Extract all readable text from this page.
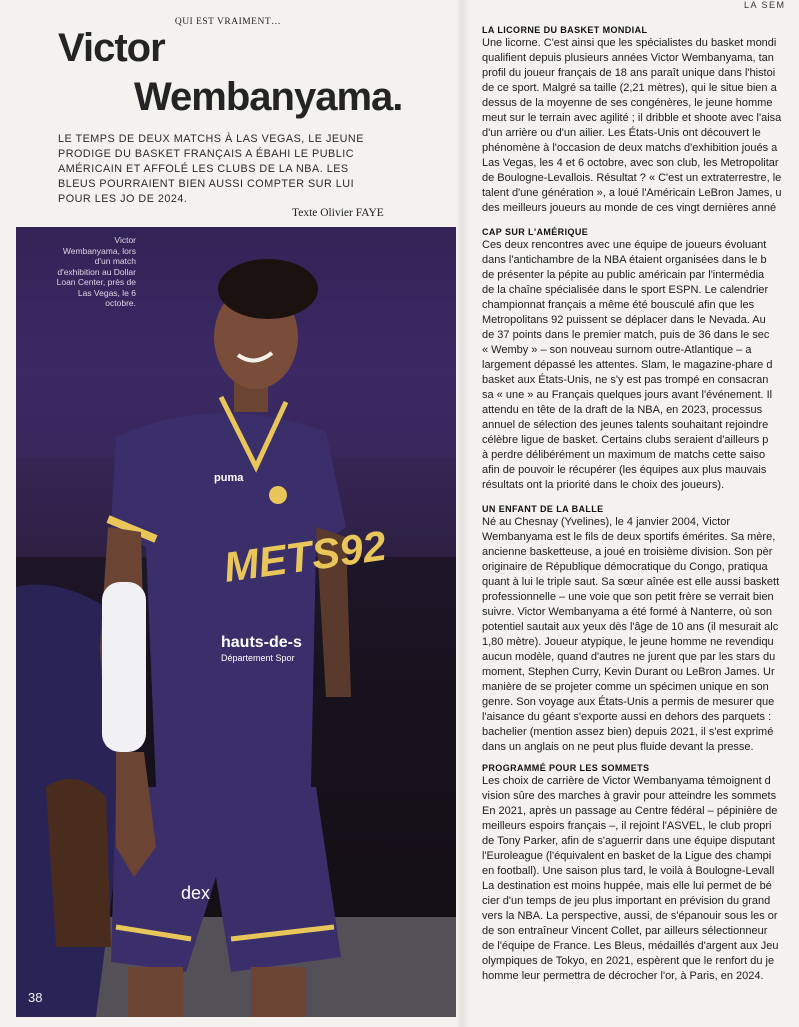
QUI EST VRAIMENT…
Victor
Wembanyama.
LE TEMPS DE DEUX MATCHS À LAS VEGAS, LE JEUNE PRODIGE DU BASKET FRANÇAIS A ÉBAHI LE PUBLIC AMÉRICAIN ET AFFOLÉ LES CLUBS DE LA NBA. LES BLEUS POURRAIENT BIEN AUSSI COMPTER SUR LUI POUR LES JO DE 2024.
Texte Olivier FAYE
puma
METS92
hauts-de-s
Département Spor
dex
Victor Wembanyama, lors d'un match d'exhibition au Dollar Loan Center, près de Las Vegas, le 6 octobre.
38
LA SEM
LA LICORNE DU BASKET MONDIAL
Une licorne. C'est ainsi que les spécialistes du basket mondi
qualifient depuis plusieurs années Victor Wembanyama, tan
profil du joueur français de 18 ans paraît unique dans l'histoi
de ce sport. Malgré sa taille (2,21 mètres), qui le situe bien a
dessus de la moyenne de ses congénères, le jeune homme
meut sur le terrain avec agilité ; il dribble et shoote avec l'aisa
d'un arrière ou d'un ailier. Les États-Unis ont découvert le
phénomène à l'occasion de deux matchs d'exhibition joués a
Las Vegas, les 4 et 6 octobre, avec son club, les Metropolitar
de Boulogne-Levallois. Résultat ? « C'est un extraterrestre, le
talent d'une génération », a loué l'Américain LeBron James, u
des meilleurs joueurs au monde de ces vingt dernières anné
CAP SUR L'AMÉRIQUE
Ces deux rencontres avec une équipe de joueurs évoluant
dans l'antichambre de la NBA étaient organisées dans le b
de présenter la pépite au public américain par l'intermédia
de la chaîne spécialisée dans le sport ESPN. Le calendrier
championnat français a même été bousculé afin que les
Metropolitans 92 puissent se déplacer dans le Nevada. Au
de 37 points dans le premier match, puis de 36 dans le sec
« Wemby » – son nouveau surnom outre-Atlantique – a
largement dépassé les attentes. Slam, le magazine-phare d
basket aux États-Unis, ne s'y est pas trompé en consacran
sa « une » au Français quelques jours avant l'événement. Il
attendu en tête de la draft de la NBA, en 2023, processus
annuel de sélection des jeunes talents souhaitant rejoindre
célèbre ligue de basket. Certains clubs seraient d'ailleurs p
à perdre délibérément un maximum de matchs cette saiso
afin de pouvoir le récupérer (les équipes aux plus mauvais
résultats ont la priorité dans le choix des joueurs).
UN ENFANT DE LA BALLE
Né au Chesnay (Yvelines), le 4 janvier 2004, Victor
Wembanyama est le fils de deux sportifs émérites. Sa mère,
ancienne basketteuse, a joué en troisième division. Son pèr
originaire de République démocratique du Congo, pratiqua
quant à lui le triple saut. Sa sœur aînée est elle aussi baskett
professionnelle – une voie que son petit frère se verrait bien
suivre. Victor Wembanyama a été formé à Nanterre, où son
potentiel sautait aux yeux dès l'âge de 10 ans (il mesurait alc
1,80 mètre). Joueur atypique, le jeune homme ne revendiqu
aucun modèle, quand d'autres ne jurent que par les stars du
moment, Stephen Curry, Kevin Durant ou LeBron James. Ur
manière de se projeter comme un spécimen unique en son
genre. Son voyage aux États-Unis a permis de mesurer que
l'aisance du géant s'exporte aussi en dehors des parquets :
bachelier (mention assez bien) depuis 2021, il s'est exprimé
dans un anglais on ne peut plus fluide devant la presse.
PROGRAMMÉ POUR LES SOMMETS
Les choix de carrière de Victor Wembanyama témoignent d
vision sûre des marches à gravir pour atteindre les sommets
En 2021, après un passage au Centre fédéral – pépinière de
meilleurs espoirs français –, il rejoint l'ASVEL, le club propri
de Tony Parker, afin de s'aguerrir dans une équipe disputant
l'Euroleague (l'équivalent en basket de la Ligue des champi
en football). Une saison plus tard, le voilà à Boulogne-Levall
La destination est moins huppée, mais elle lui permet de bé
cier d'un temps de jeu plus important en prévision du grand
vers la NBA. La perspective, aussi, de s'épanouir sous les or
de son entraîneur Vincent Collet, par ailleurs sélectionneur
de l'équipe de France. Les Bleus, médaillés d'argent aux Jeu
olympiques de Tokyo, en 2021, espèrent que le renfort du je
homme leur permettra de décrocher l'or, à Paris, en 2024.
